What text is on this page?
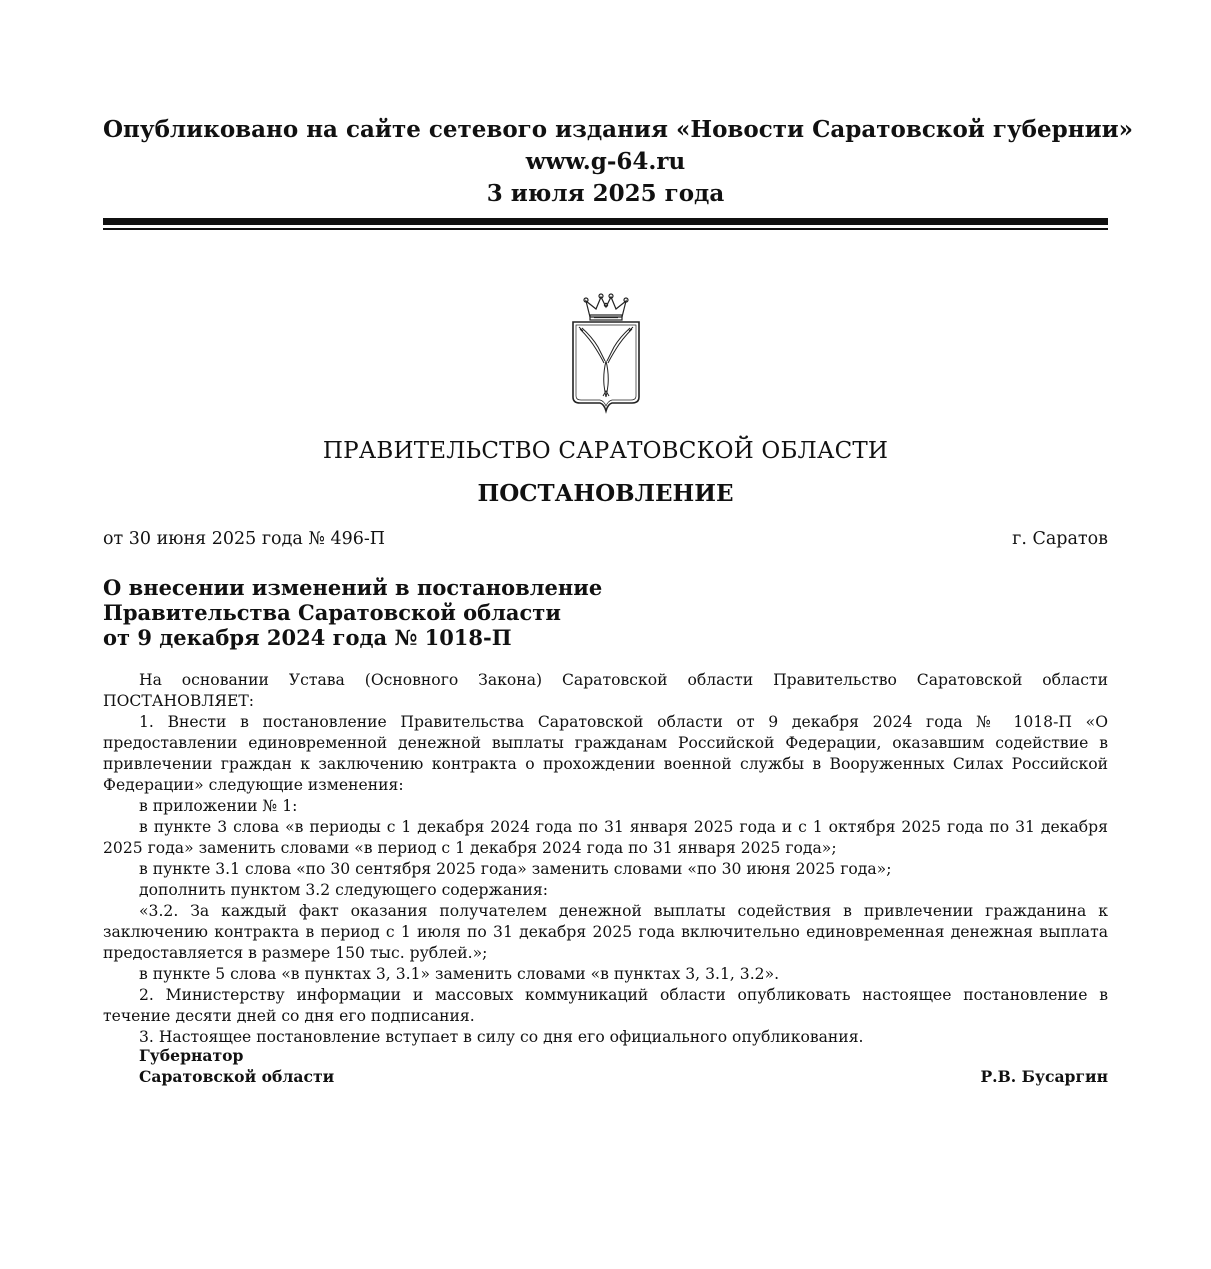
Опубликовано на сайте сетевого издания «Новости Саратовской губернии»
www.g-64.ru
3 июля 2025 года
ПРАВИТЕЛЬСТВО САРАТОВСКОЙ ОБЛАСТИ
ПОСТАНОВЛЕНИЕ
от 30 июня 2025 года № 496-П	г. Саратов
О внесении изменений в постановление
Правительства Саратовской области
от 9 декабря 2024 года № 1018-П

На основании Устава (Основного Закона) Саратовской области Правительство Саратовской области ПОСТАНОВЛЯЕТ:

1. Внести в постановление Правительства Саратовской области от 9 декабря 2024 года № 1018-П «О предоставлении единовременной денежной выплаты гражданам Российской Федерации, оказавшим содействие в привлечении граждан к заключению контракта о прохождении военной службы в Вооруженных Силах Российской Федерации» следующие изменения:

в приложении № 1:

в пункте 3 слова «в периоды с 1 декабря 2024 года по 31 января 2025 года и с 1 октября 2025 года по 31 декабря 2025 года» заменить словами «в период с 1 декабря 2024 года по 31 января 2025 года»;

в пункте 3.1 слова «по 30 сентября 2025 года» заменить словами «по 30 июня 2025 года»;

дополнить пунктом 3.2 следующего содержания:

«3.2. За каждый факт оказания получателем денежной выплаты содействия в привлечении гражданина к заключению контракта в период с 1 июля по 31 декабря 2025 года включительно единовременная денежная выплата предоставляется в размере 150 тыс. рублей.»;

в пункте 5 слова «в пунктах 3, 3.1» заменить словами «в пунктах 3, 3.1, 3.2».

2. Министерству информации и массовых коммуникаций области опубликовать настоящее постановление в течение десяти дней со дня его подписания.

3. Настоящее постановление вступает в силу со дня его официального опубликования.

Губернатор
Саратовской области	Р.В. Бусаргин
